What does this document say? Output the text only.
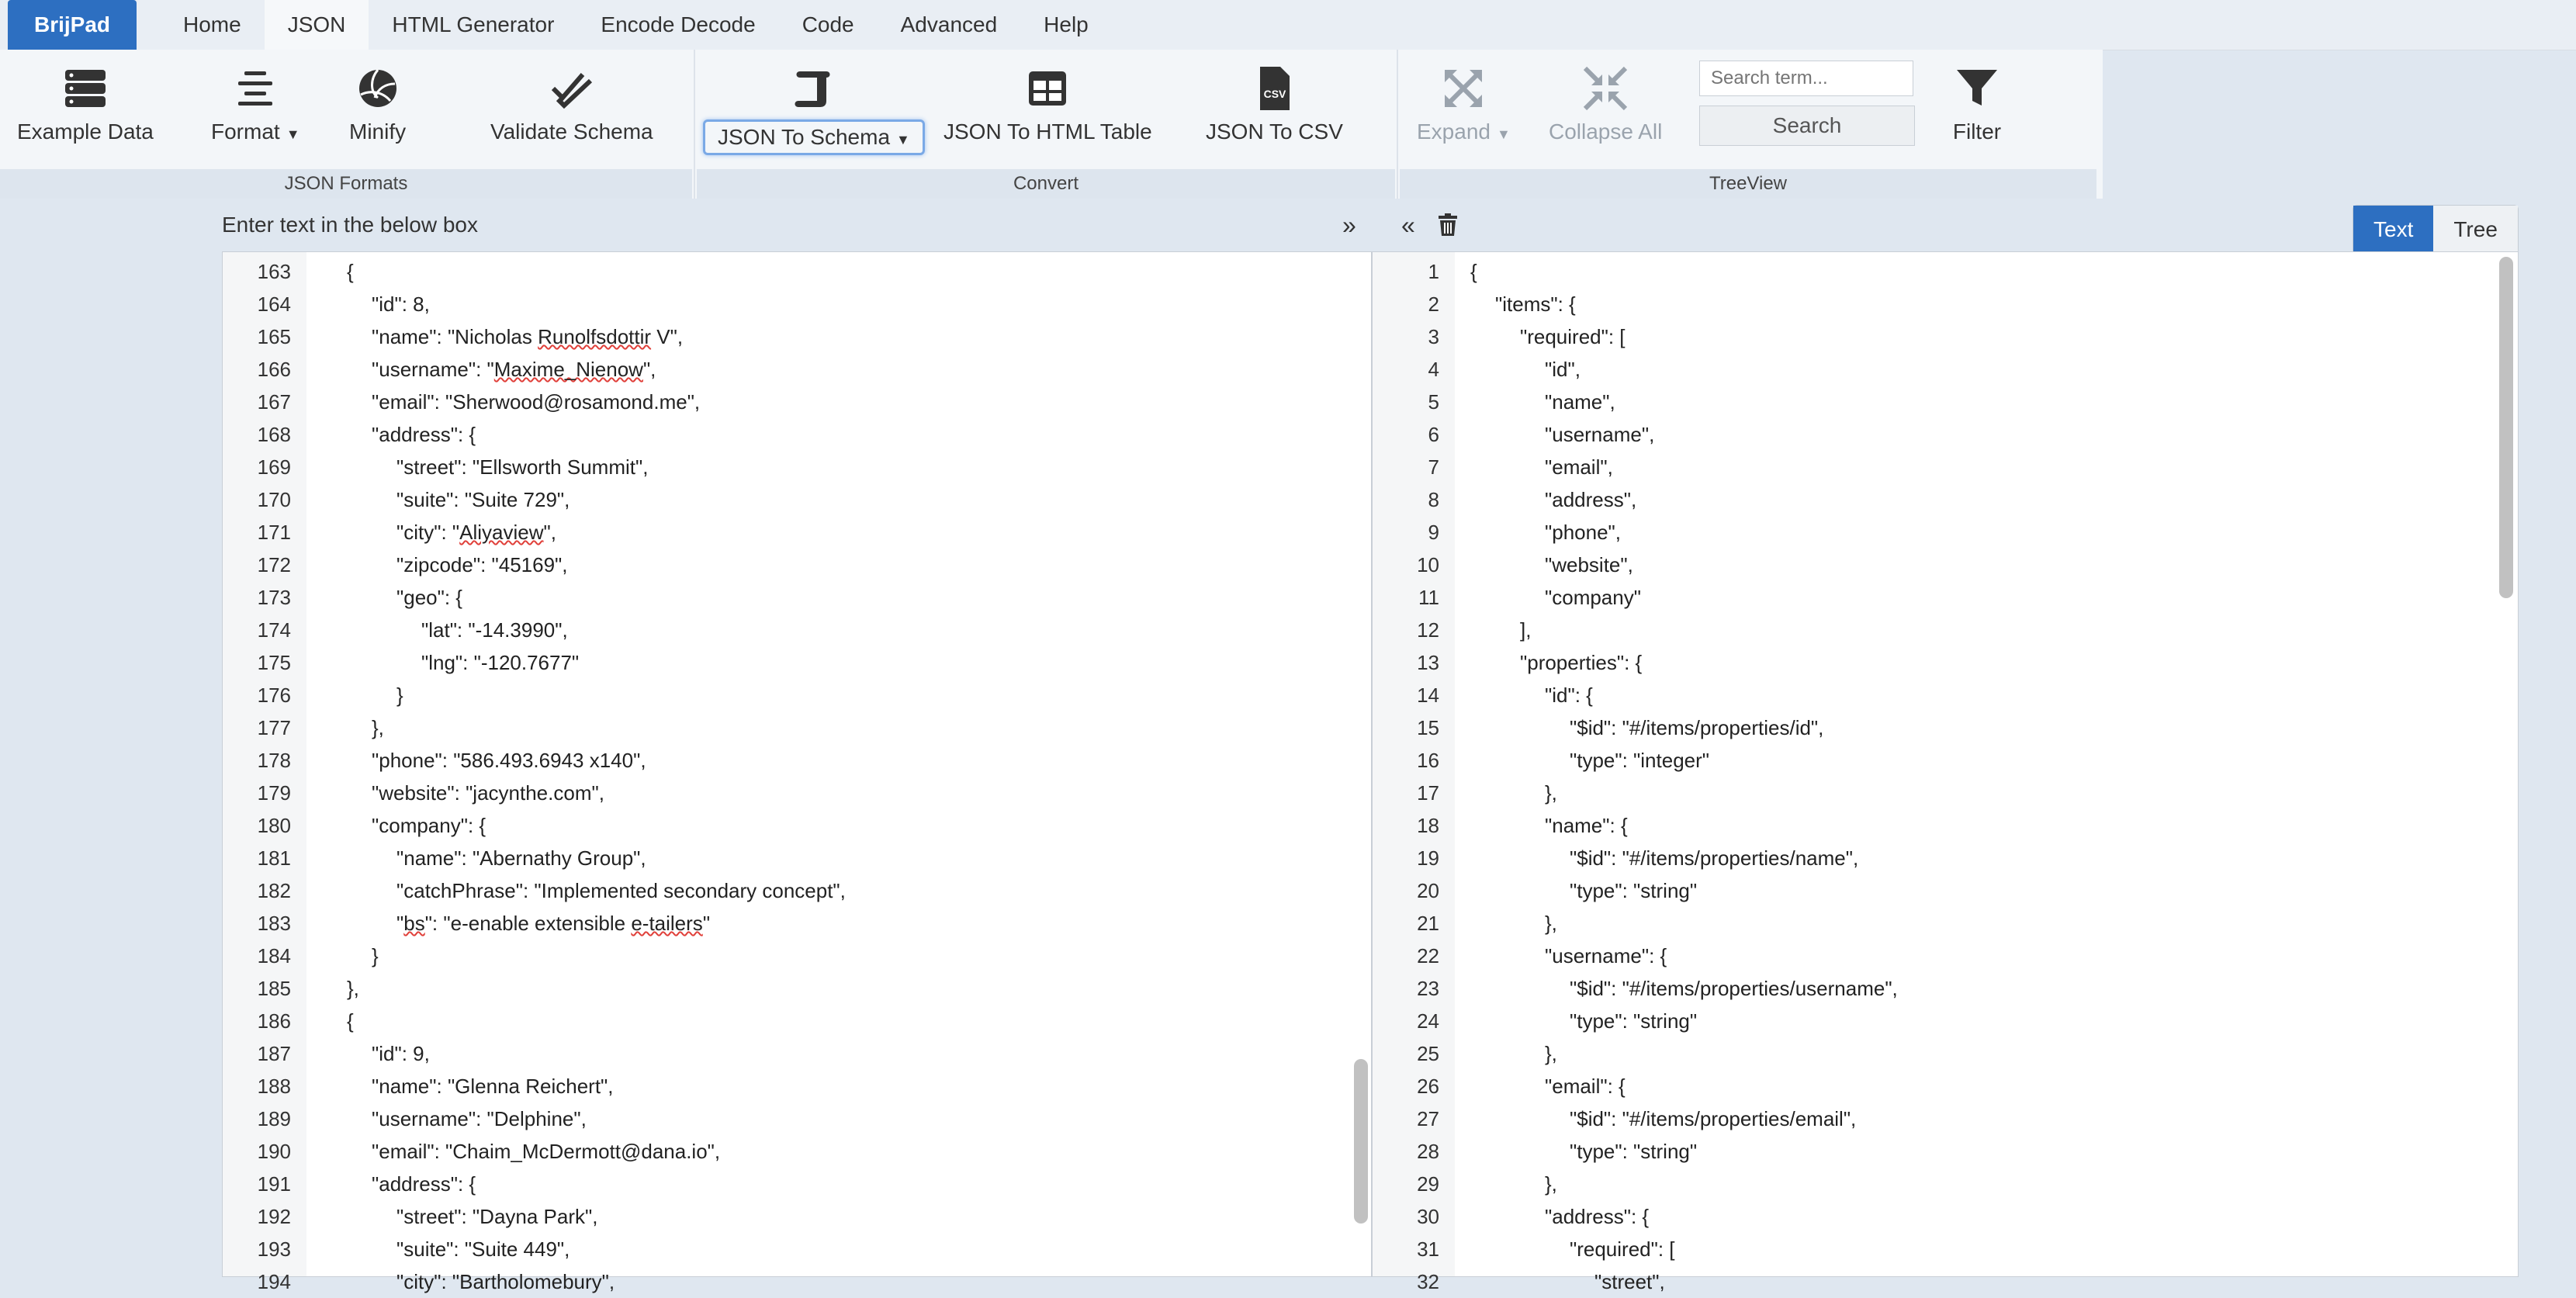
BrijPad	Home	JSON	HTML Generator	Encode Decode	Code	Advanced	Help
Example Data	Format ▼ Minify	Validate Schema
JSON Formats
JSON To Schema ▼	JSON To HTML Table
CSV
JSON To CSV
Convert
Expand ▼ Collapse All
Search term...	Search	Filter
TreeView
Enter text in the below box	» «	Text	Tree
163	{
164	"id": 8,
165	"name": "Nicholas Runolfsdottir V",
166	"username": "Maxime_Nienow",
167	"email": "Sherwood@rosamond.me",
168	"address": {
169	"street": "Ellsworth Summit",
170	"suite": "Suite 729",
171	"city": "Aliyaview",
172	"zipcode": "45169",
173	"geo": {
174	"lat": "-14.3990",
175	"lng": "-120.7677"
176	}
177	},
178	"phone": "586.493.6943 x140",
179	"website": "jacynthe.com",
180	"company": {
181	"name": "Abernathy Group",
182	"catchPhrase": "Implemented secondary concept",
183	"bs": "e-enable extensible e-tailers"
184	}
185	},
186	{
187	"id": 9,
188	"name": "Glenna Reichert",
189	"username": "Delphine",
190	"email": "Chaim_McDermott@dana.io",
191	"address": {
192	"street": "Dayna Park",
193	"suite": "Suite 449",
194	"city": "Bartholomebury",
1 {
2	"items": {
3	"required": [
4	"id",
5	"name",
6	"username",
7	"email",
8	"address",
9	"phone",
10	"website",
11	"company"
12	],
13	"properties": {
14	"id": {
15	"$id": "#/items/properties/id",
16	"type": "integer"
17	},
18	"name": {
19	"$id": "#/items/properties/name",
20	"type": "string"
21	},
22	"username": {
23	"$id": "#/items/properties/username",
24	"type": "string"
25	},
26	"email": {
27	"$id": "#/items/properties/email",
28	"type": "string"
29	},
30	"address": {
31	"required": [
32	"street",
